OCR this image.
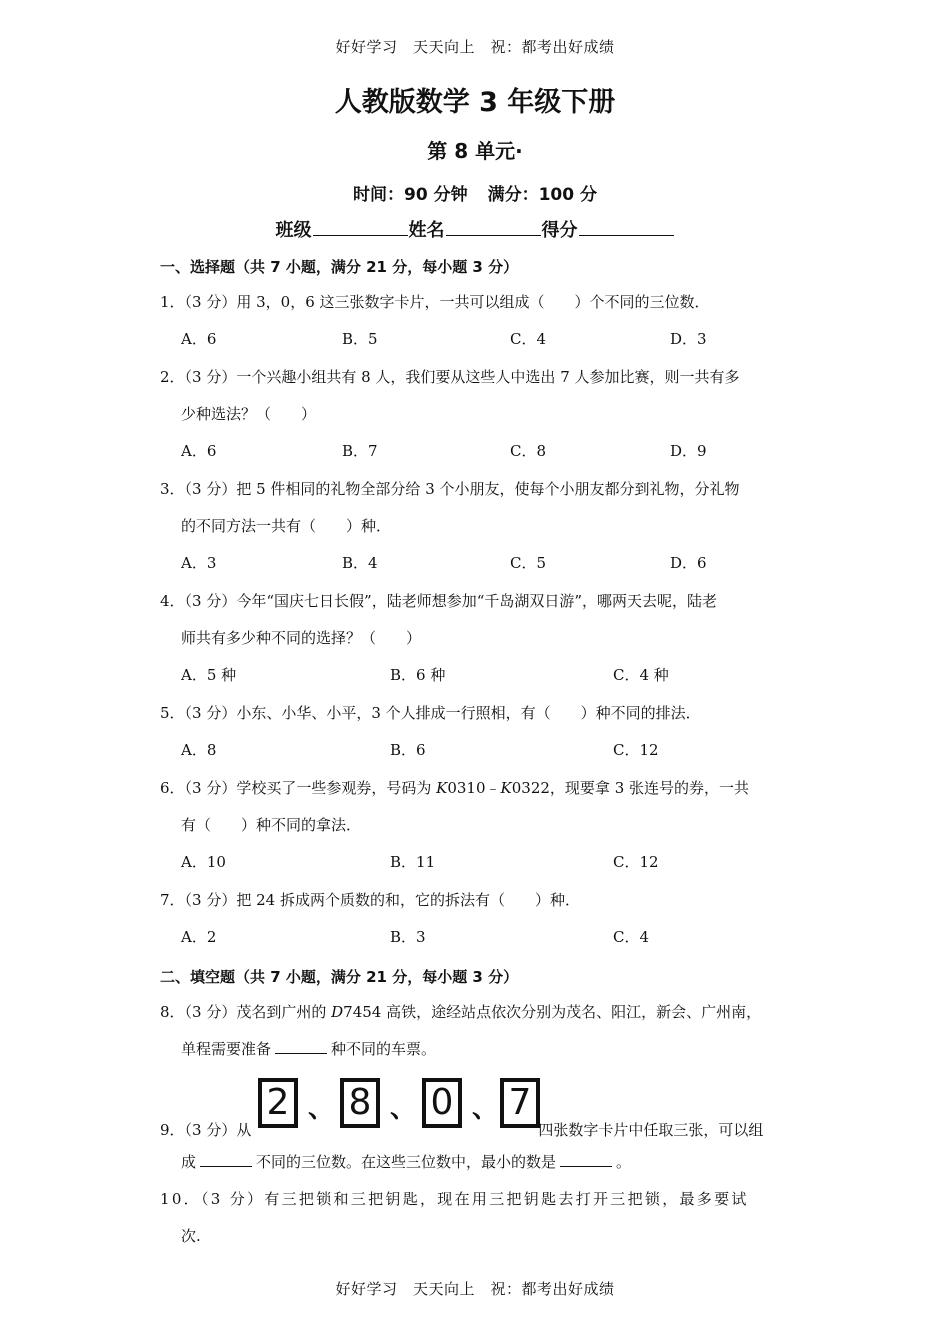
好好学习　天天向上　祝：都考出好成绩
人教版数学 3 年级下册
第 8 单元·
时间：90 分钟 满分：100 分
班级	姓名	得分
一、选择题（共 7 小题，满分 21 分，每小题 3 分）
1．（3 分）用 3，0，6 这三张数字卡片，一共可以组成（　　）个不同的三位数．
A．6	B．5	C．4	D．3
2．（3 分）一个兴趣小组共有 8 人，我们要从这些人中选出 7 人参加比赛，则一共有多
少种选法？（　　）
A．6	B．7	C．8	D．9
3．（3 分）把 5 件相同的礼物全部分给 3 个小朋友，使每个小朋友都分到礼物，分礼物
的不同方法一共有（　　）种．
A．3	B．4	C．5	D．6
4．（3 分）今年“国庆七日长假”，陆老师想参加“千岛湖双日游”，哪两天去呢，陆老
师共有多少种不同的选择？（　　）
A．5 种	B．6 种	C．4 种
5．（3 分）小东、小华、小平，3 个人排成一行照相，有（　　）种不同的排法．
A．8	B．6	C．12
6．（3 分）学校买了一些参观券，号码为 K0310﹣K0322，现要拿 3 张连号的券，一共
有（　　）种不同的拿法．
A．10	B．11	C．12
7．（3 分）把 24 拆成两个质数的和，它的拆法有（　　）种．
A．2	B．3	C．4
二、填空题（共 7 小题，满分 21 分，每小题 3 分）
8．（3 分）茂名到广州的 D7454 高铁，途经站点依次分别为茂名、阳江，新会、广州南，
单程需要准备	种不同的车票。
9．（3 分）从	四张数字卡片中任取三张，可以组
2 、 8 、 0 、 7
成	不同的三位数。在这些三位数中，最小的数是	。
10．（3 分）有三把锁和三把钥匙，现在用三把钥匙去打开三把锁，最多要试
次.
好好学习　天天向上　祝：都考出好成绩
